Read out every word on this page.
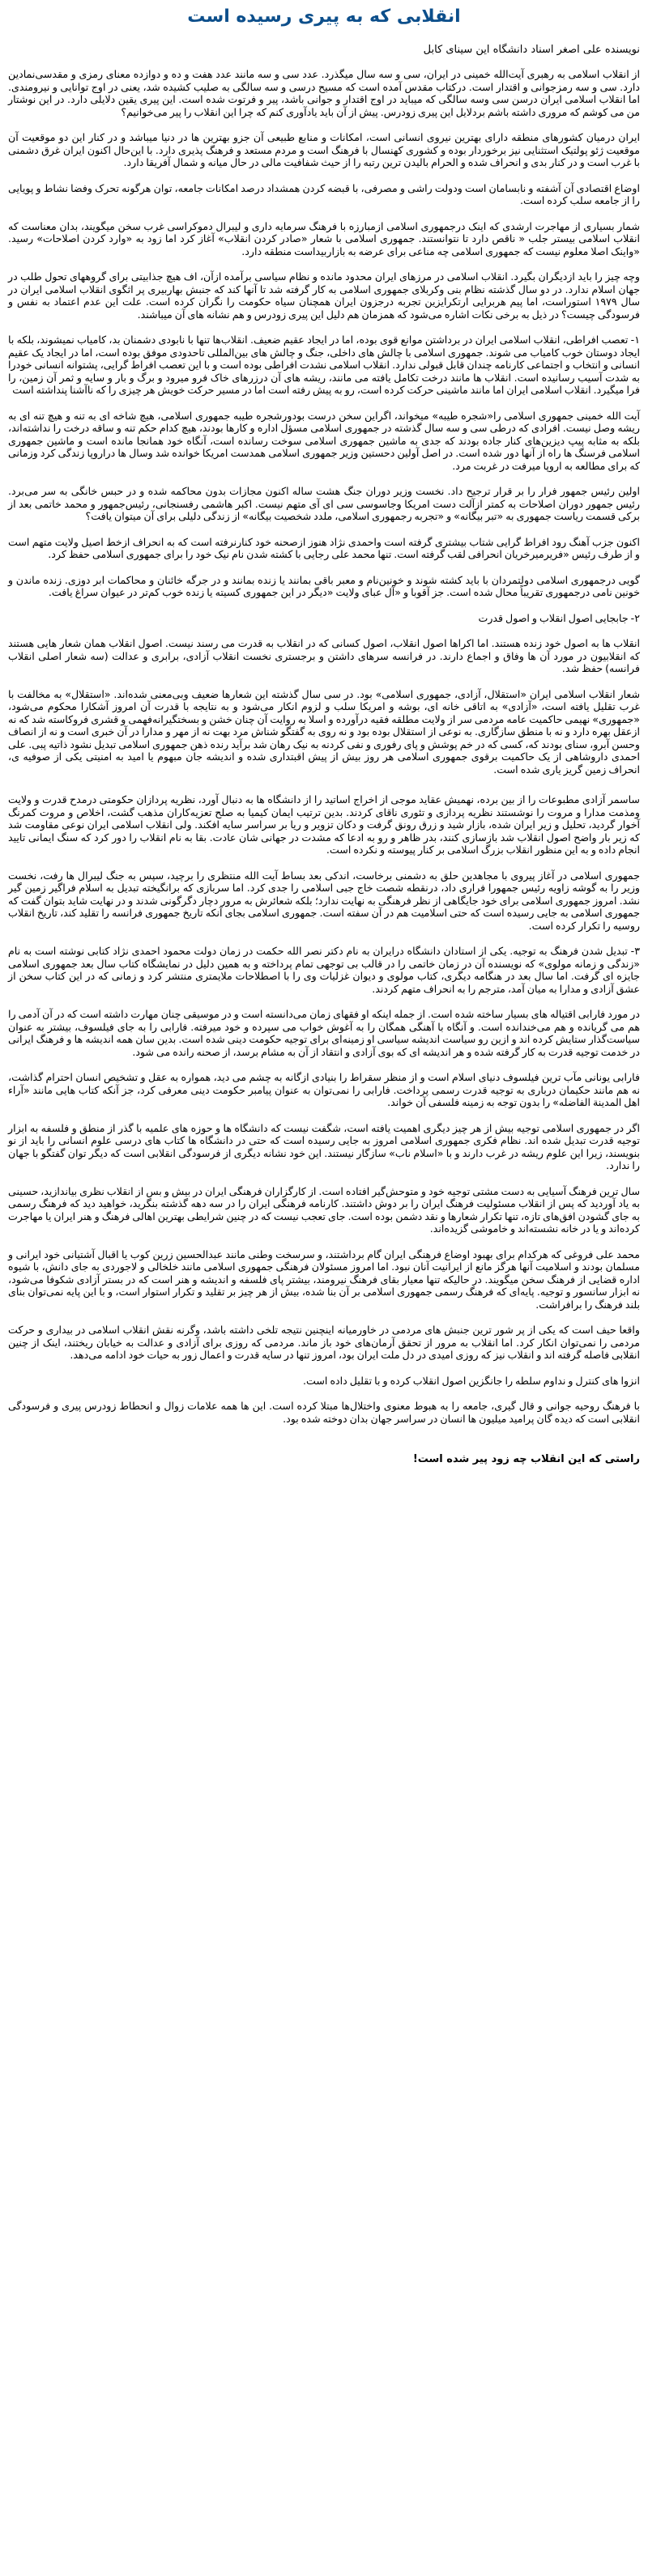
انقلابی که به پیری رسیده است

نویسنده علی اصغر اسناد دانشگاه این سینای کابل

از انقلاب اسلامی به رهبری آیت‌الله خمینی در ایران، سی و سه سال میگذرد. عدد سی و سه مانند عدد هفت و ده و دوازده معنای رمزی و مقدسی‌نمادین دارد. سی و سه رمزجوانی و اقتدار است. درکتاب مقدس آمده است که مسیح درسی و سه سالگی به صلیب کشیده شد، یعنی در اوج توانایی و نیرومندی. اما انقلاب اسلامی ایران درسن سی وسه سالگی که میباید در اوج اقتدار و جوانی باشد، پیر و فرتوت شده است. این پیری یقین دلایلی دارد. در این نوشتار من می کوشم که مروری داشته باشم بردلایل این پیری زودرس. پیش از آن باید یادآوری کنم که چرا این انقلاب را پیر می‌خوانیم؟

ایران درمیان کشورهای منطقه دارای بهترین نیروی انسانی است، امکانات و منابع طبیعی آن جزو بهترین ها در دنیا میباشد و در کنار این دو موقعیت آن موقعیت ژئو پولتیک استثنایی نیز برخوردار بوده و کشوری کهنسال با فرهنگ است و مردم مستعد و فرهنگ پذیری دارد. با این‌حال اکنون ایران غرق دشمنی با غرب است و در کنار بدی و انحراف شده و الحرام بالیدن ترین رتبه را از حیث شفافیت مالی در حال میانه و شمال آفریقا دارد.

اوضاع اقتصادی آن آشفته و نابسامان است ودولت راشی و مصرفی، با قبضه کردن همشداد درصد امکانات جامعه، توان هرگونه تحرک وفضا نشاط و پویایی را از جامعه سلب کرده است.

شمار بسیاری از مهاجرت ارشدی که اینک درجمهوری اسلامی ازمبارزه با فرهنگ سرمایه داری و لیبرال دموکراسی غرب سخن میگویند، بدان معناست که انقلاب اسلامی بیستر جلب « ناقص دارد تا نتوانستند. جمهوری اسلامی با شعار «صادر کردن انقلاب» آغاز کرد اما زود به «وارد کردن اصلاحات» رسید. «واینک اصلا معلوم نیست که جمهوری اسلامی چه مناعی برای عرضه به بازاربیداست منطقه دارد.

وچه چیز را باید ازدیگران بگیرد. انقلاب اسلامی در مرزهای ایران محدود مانده و نظام سیاسی برآمده ازآن، اف هیچ جذابیتی برای گروههای تحول طلب در جهان اسلام ندارد. در دو سال گذشته نظام بنی وکربلای جمهوری اسلامی به کار گرفته شد تا آنها کند که جنبش بهاربیری پر اثگوی انقلاب اسلامی ایران در سال ۱۹۷۹ استوراست، اما پیم هربرایی ارتکرایزین تجربه درجزون ایران همچنان سیاه حکومت را نگران کرده است. علت این عدم اعتماد به نفس و فرسودگی چیست؟ در ذیل به برخی نکات اشاره می‌شود که همزمان هم دلیل این پیری زودرس و هم نشانه های آن میباشند.

۱- تعصب افراطی، انقلاب اسلامی ایران در برداشتن موانع قوی بوده، اما در ایجاد عقیم ضعیف. انقلاب‌ها تنها با نابودی دشمنان بد، کامیاب نمیشوند، بلکه با ایجاد دوستان خوب کامیاب می شوند. جمهوری اسلامی با چالش های داخلی، جنگ و چالش های بین‌المللی تاحدودی موفق بوده است، اما در ایجاد یک عقیم انسانی و انتخاب و اجتماعی کارنامه چندان قابل قبولی ندارد. انقلاب اسلامی نشدت افراطی بوده است و با این تعصب افراط گرایی، پشتوانه انسانی خودرا به شدت آسیب رسانیده است. انقلاب ها مانند درخت تکامل یافته می مانند، ریشه های آن درزرهای خاک فرو میرود و برگ و بار و سایه و ثمر آن زمین، را فرا میگیرد. انقلاب اسلامی ایران اما مانند ماشینی حرکت کرده است، رو به پیش رفته است اما در مسیر حرکت خویش هر چیزی را که ناآشنا پنداشته است

آیت الله خمینی جمهوری اسلامی را«شجره طیبه» میخواند، اگراین سخن درست بودورشجره طیبه جمهوری اسلامی، هیچ شاخه ای به تنه و هیچ تنه ای به ریشه وصل نیست. افرادی که درطی سی و سه سال گذشته در جمهوری اسلامی مسؤل اداره و کارها بودند، هیچ کدام حکم تنه و ساقه درخت را نداشته‌اند، بلکه به مثابه پیپ دیزین‌های کنار جاده بودند که جدی به ماشین جمهوری اسلامی سوخت رسانده است، آنگاه خود همانجا مانده است و ماشین جمهوری اسلامی فرسنگ ها راه از آنها دور شده است. در اصل آولین دحستین وزیر جمهوری اسلامی همدست امریکا خوانده شد وسال ها دراروپا زندگی کرد وزمانی که برای مطالعه به اروپا میرفت در غربت مرد.

اولین رئیس جمهور فرار را بر قرار ترجیح داد. نخست وزیر دوران جنگ هشت ساله اکنون مجازات بدون محاکمه شده و در حبس خانگی به سر می‌برد. رئیس جمهور دوران اصلاحات به کمتر ازآلت دست امریکا وجاسوسی سی ای آی متهم نیست. اکبر هاشمی رفسنجانی، رئیس‌جمهور و محمد خاتمی بعد از برکی قسمت ریاست جمهوری به «تبر بیگانه» و «تجربه رجمهوری اسلامی، ملدد شخصیت بیگانه» از زندگی دلیلی برای آن میتوان یافت؟

اکنون جزب آهنگ رود افراط گرایی شتاب بیشتری گرفته است واحمدی نژاد هنوز ازصحنه خود کنارنرفته است که به انحراف ازخط اصیل ولایت متهم است و از طرف رئیس «فریرمیرخریان انحرافی لقب گرفته است. تنها محمد علی رجایی با کشته شدن نام نیک خود را برای جمهوری اسلامی حفظ کرد.

گویی درجمهوری اسلامی دولتمردان با باید کشته شوند و خونین‌نام و معبر باقی بمانند یا زنده بمانند و در جرگه خائنان و محاکمات ابر دوزی. زنده ماندن و خونین نامی درجمهوری تقریباً محال شده است. جز آقوبا و «آل عبای ولایت «دیگر در این جمهوری کسیته یا زنده خوب کم‌تر در عیوان سراغ یافت.

۲- جابجایی اصول انقلاب و اصول قدرت

انقلاب ها به اصول خود زنده هستند. اما اکراها اصول انقلاب، اصول کسانی که در انقلاب به قدرت می رسند نیست. اصول انقلاب همان شعار هایی هستند که انقلابیون در مورد آن ها وفاق و اجماع دارند. در فرانسه سرهای داشتن و برجستری نخست انقلاب آزادی، برابری و عدالت (سه شعار اصلی انقلاب فرانسه) حفظ شد.

شعار انقلاب اسلامی ایران «استقلال، آزادی، جمهوری اسلامی» بود. در سی سال گذشته این شعارها ضعیف وبی‌معنی شده‌اند. «استقلال» به مخالفت با غرب تقلیل یافته است، «آزادی» به اتاقی خانه ای، بوشه و امریکا سلب و لزوم انکار می‌شود و به نتایجه با قدرت آن امروز آشکارا محکوم می‌شود، «جمهوری» نهیمی حاکمیت عامه مردمی سر از ولایت مطلقه فقیه درآورده و اسلا به روایت آن چنان خشن و بسختگیرانه‌فهمی و قشری فروکاسته شد که نه ازعقل بهره دارد و نه با منطق سازگاری. به نوعی از استقلال بوده بود و نه روی به گفتگو شناش مرد بهت نه از مهر و مدارا در آن خبری است و نه از انصاف وحسن آبرو، سنای بودند که، کسی که در خم پوشش و پای رفوری و نفی کردنه به نیک رهان شد برآید رنده ذهن جمهوری اسلامی تبدیل نشود ذاتیه پبی. علی احمدی داروشاهی از یک حاکمیت برقوی جمهوری اسلامی هر روز بیش از پیش اقبتداری شده و اندیشه جان مبهوم یا امید به امنیتی یکی از صوفیه ی، انحراف زمین گریز یاری شده است.

ساسمر آزادی مطبوعات را از بین برده، نهمیش عقاید موجی از اخراج اساتید را از دانشگاه ها به دنبال آورد، نظریه پردازان حکومتی درمدح قدرت و ولایت ومذمت مدارا و مروت را نوشستند نظریه پردازی و تئوری ناقای کردند. بدین ترتیب ایمان کیمیا به صلح تعزیه‌کاران مذهب گشت، اخلاص و مروت کمرنگ آخوار گردید، تحلیل و زیر ایران شده، بازار شید و زرق رونق گرفت و دکان تزویر و ریا بر سراسر سایه افکند. ولی انقلاب اسلامی ایران نوعی مقاومت شد که زیر بار واضح اصول انقلاب شد بازسازی کنند، بدر ظاهر و رو به ادعا که مشدت در جهانی شان عادت. بقا به نام انقلاب را دور کرد که سنگ ایمانی تایید انجام داده و به این منظور انقلاب بزرگ اسلامی بر کنار پیوسته و نکرده است.

جمهوری اسلامی در آغاز پیروی با مجاهدین حلق به دشمنی برخاست، اندکی بعد بساط آیت الله منتظری را برچید، سپس به جنگ لیبرال ها رفت، نخست وزیر را به گوشه زاویه رئیس جمهورا فراری داد، درنقطه شصت خاج جبی اسلامی را جدی کرد. اما سربازی که برانگیخته تبدیل به اسلام فراگیر زمین گیر نشد. امروز جمهوری اسلامی برای خود جایگاهی از نظر فرهنگی به نهایت ندارد؛ بلکه شعائرش به مرور دچار دگرگونی شدند و در نهایت شاید بتوان گفت که جمهوری اسلامی به جایی رسیده است که حتی اسلامیت هم در آن سفته است. جمهوری اسلامی بجای آنکه تاریخ جمهوری فرانسه را تقلید کند، تاریخ انقلاب روسیه را تکرار کرده است.

۳- تبدیل شدن فرهنگ به توجیه. یکی از استادان دانشگاه درایران به نام دکتر نصر الله حکمت در زمان دولت محمود احمدی نژاد کتابی نوشته است به نام «زندگی و زمانه مولوی» که نویسنده آن در زمان خاتمی را در قالب بی توجهی تمام پرداخته و به همین دلیل در نمایشگاه کتاب سال بعد جمهوری اسلامی جایزه ای گرفت. اما سال بعد در هنگامه دیگری، کتاب مولوی و دیوان غزلیات وی را با اصطلاحات ملایمتری منتشر کرد و زمانی که در این کتاب سخن از عشق آزادی و مدارا به میان آمد، مترجم را به انحراف متهم کردند.

در مورد فارابی اقتیاله های بسیار ساخته شده است. از جمله اینکه او فقهای زمان می‌دانسته است و در موسیقی چنان مهارت داشته است که در آن آدمی را هم می گریانده و هم می‌خندانده است. و آنگاه با آهنگی همگان را به آغوش خواب می سپرده و خود میرفته. فارابی را به جای فیلسوف، بیشتر به عنوان سیاست‌گذار ستایش کرده اند و ازین رو سیاست اندیشه سیاسی او زمینه‌ای برای توجیه حکومت دینی شده است. بدین سان همه اندیشه ها و فرهنگ ایرانی در خدمت توجیه قدرت به کار گرفته شده و هر اندیشه ای که بوی آزادی و انتقاد از آن به مشام برسد، از صحنه رانده می شود.

فارابی یونانی مآب ترین فیلسوف دنیای اسلام است و از منظر سقراط را بنیادی ازگانه به چشم می دید، همواره به عقل و تشخیص انسان احترام گذاشت، نه هم مانند حکیمان درباری به توجیه قدرت رسمی پرداخت. فارابی را نمی‌توان به عنوان پیامبر حکومت دینی معرفی کرد، جز آنکه کتاب هایی مانند «آراء اهل المدینة الفاضله» را بدون توجه به زمینه فلسفی آن خواند.

اگر در جمهوری اسلامی توجیه بیش از هر چیز دیگری اهمیت یافته است، شگفت نیست که دانشگاه ها و حوزه های علمیه با گذر از منطق و فلسفه به ابزار توجیه قدرت تبدیل شده اند. نظام فکری جمهوری اسلامی امروز به جایی رسیده است که حتی در دانشگاه ها کتاب های درسی علوم انسانی را باید از نو بنویسند، زیرا این علوم ریشه در غرب دارند و با «اسلام ناب» سازگار نیستند. این خود نشانه دیگری از فرسودگی انقلابی است که دیگر توان گفتگو با جهان را ندارد.

سال ترین فرهنگ آسیایی به دست مشتی توجیه خود و متوحش‌گیر افتاده است. از کارگزاران فرهنگی ایران در بیش و بس از انقلاب نظری بیاندازید، حسینی به یاد آوردید که پس از انقلاب مسئولیت فرهنگ ایران را بر دوش داشتند. کارنامه فرهنگی ایران را در سه دهه گذشته بنگرید، خواهید دید که فرهنگ رسمی به جای گشودن افق‌های تازه، تنها تکرار شعارها و نقد دشمن بوده است. جای تعجب نیست که در چنین شرایطی بهترین اهالی فرهنگ و هنر ایران یا مهاجرت کرده‌اند و یا در خانه نشسته‌اند و خاموشی گزیده‌اند.

محمد علی فروغی که هرکدام برای بهبود اوضاع فرهنگی ایران گام برداشتند، و سرسخت وطنی مانند عبدالحسین زرین کوب یا اقبال آشتیانی خود ایرانی و مسلمان بودند و اسلامیت آنها هرگز مانع از ایرانیت آنان نبود. اما امروز مسئولان فرهنگی جمهوری اسلامی مانند خلخالی و لاجوردی به جای دانش، با شیوه اداره قضایی از فرهنگ سخن میگویند. در حالیکه تنها معیار بقای فرهنگ نیرومند، بیشتر پای فلسفه و اندیشه و هنر است که در بستر آزادی شکوفا می‌شود، نه ابزار سانسور و توجیه. پایه‌ای که فرهنگ رسمی جمهوری اسلامی بر آن بنا شده، بیش از هر چیز بر تقلید و تکرار استوار است، و با این پایه نمی‌توان بنای بلند فرهنگ را برافراشت.

واقعا حیف است که یکی از پر شور ترین جنبش های مردمی در خاورمیانه اینچنین نتیجه تلخی داشته باشد، وگرنه نقش انقلاب اسلامی در بیداری و حرکت مردمی را نمی‌توان انکار کرد. اما انقلاب به مرور از تحقق آرمان‌های خود باز ماند. مردمی که روزی برای آزادی و عدالت به خیابان ریختند، اینک از چنین انقلابی فاصله گرفته اند و انقلاب نیز که روزی امیدی در دل ملت ایران بود، امروز تنها در سایه قدرت و اعمال زور به حیات خود ادامه می‌دهد.

انزوا های کنترل و نداوم سلطه را جانگزین اصول انقلاب کرده و با تقلیل داده است.

با فرهنگ روحیه جوانی و قال گیری، جامعه را به هبوط معنوی واختلال‌ها مبتلا کرده است. این ها همه علامات زوال و انحطاط زودرس پیری و فرسودگی انقلابی است که دیده گان پرامید میلیون ها انسان در سراسر جهان بدان دوخته شده بود.

راستی که این انقلاب چه زود پیر شده است!
